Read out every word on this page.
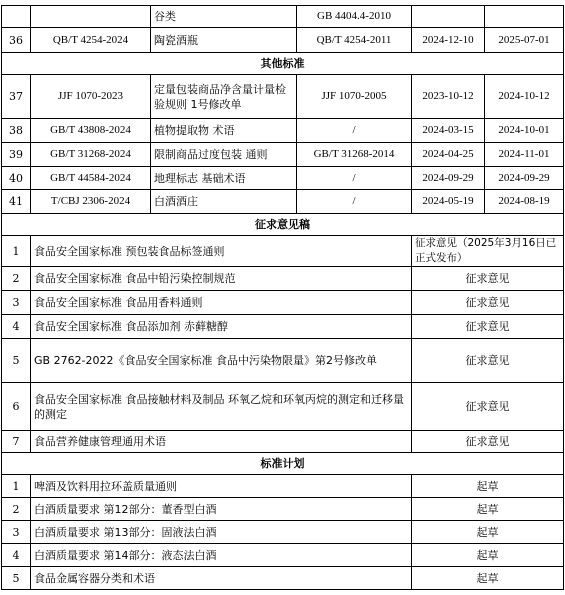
		谷类	GB 4404.4-2010		
36	QB/T 4254-2024	陶瓷酒瓶	QB/T 4254-2011	2024-12-10	2025-07-01
其他标准					
37	JJF 1070-2023	定量包装商品净含量计量检验规则 1号修改单	JJF 1070-2005	2023-10-12	2024-10-12
38	GB/T 43808-2024	植物提取物 术语	/	2024-03-15	2024-10-01
39	GB/T 31268-2024	限制商品过度包装 通则	GB/T 31268-2014	2024-04-25	2024-11-01
40	GB/T 44584-2024	地理标志 基础术语	/	2024-09-29	2024-09-29
41	T/CBJ 2306-2024	白酒酒庄	/	2024-05-19	2024-08-19
征求意见稿					
1	食品安全国家标准 预包装食品标签通则			征求意见（2025年3月16日已正式发布）	
2	食品安全国家标准 食品中铅污染控制规范			征求意见	
3	食品安全国家标准 食品用香料通则			征求意见	
4	食品安全国家标准 食品添加剂 赤藓糖醇			征求意见	
5	GB 2762-2022《食品安全国家标准 食品中污染物限量》第2号修改单			征求意见	
6	食品安全国家标准 食品接触材料及制品 环氧乙烷和环氧丙烷的测定和迁移量的测定			征求意见	
7	食品营养健康管理通用术语			征求意见	
标准计划					
1	啤酒及饮料用拉环盖质量通则			起草	
2	白酒质量要求 第12部分：董香型白酒			起草	
3	白酒质量要求 第13部分：固液法白酒			起草	
4	白酒质量要求 第14部分：液态法白酒			起草	
5	食品金属容器分类和术语			起草	
